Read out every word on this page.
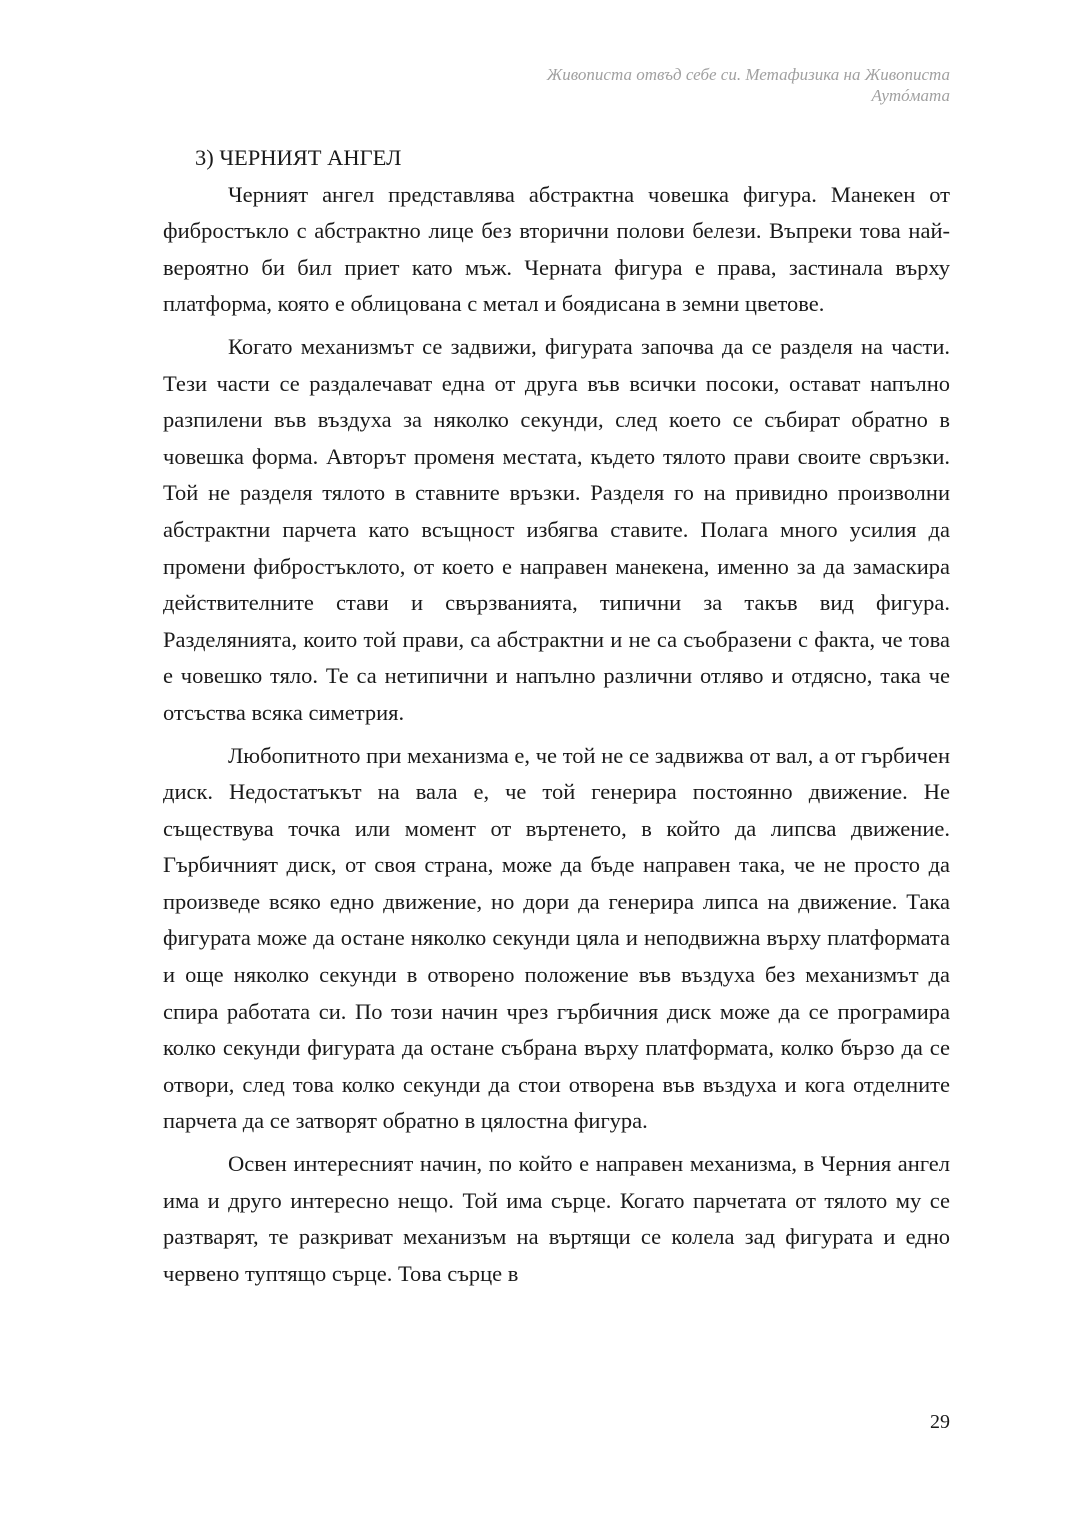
Живописта отвъд себе си. Метафизика на Живописта
Аутóмата
3) ЧЕРНИЯТ АНГЕЛ

Черният ангел представлява абстрактна човешка фигура. Манекен от фибростъкло с абстрактно лице без вторични полови белези. Въпреки това най-вероятно би бил приет като мъж. Черната фигура е права, застинала върху платформа, която е облицована с метал и боядисана в земни цветове.

Когато механизмът се задвижи, фигурата започва да се разделя на части. Тези части се раздалечават една от друга във всички посоки, остават напълно разпилени във въздуха за няколко секунди, след което се събират обратно в човешка форма. Авторът променя местата, където тялото прави своите свръзки. Той не разделя тялото в ставните връзки. Разделя го на привидно произволни абстрактни парчета като всъщност избягва ставите. Полага много усилия да промени фибростъклото, от което е направен манекена, именно за да замаскира действителните стави и свързванията, типични за такъв вид фигура. Разделянията, които той прави, са абстрактни и не са съобразени с факта, че това е човешко тяло. Те са нетипични и напълно различни отляво и отдясно, така че отсъства всяка симетрия.

Любопитното при механизма е, че той не се задвижва от вал, а от гърбичен диск. Недостатъкът на вала е, че той генерира постоянно движение. Не съществува точка или момент от въртенето, в който да липсва движение. Гърбичният диск, от своя страна, може да бъде направен така, че не просто да произведе всяко едно движение, но дори да генерира липса на движение. Така фигурата може да остане няколко секунди цяла и неподвижна върху платформата и още няколко секунди в отворено положение във въздуха без механизмът да спира работата си. По този начин чрез гърбичния диск може да се програмира колко секунди фигурата да остане събрана върху платформата, колко бързо да се отвори, след това колко секунди да стои отворена във въздуха и кога отделните парчета да се затворят обратно в цялостна фигура.

Освен интересният начин, по който е направен механизма, в Черния ангел има и друго интересно нещо. Той има сърце. Когато парчетата от тялото му се разтварят, те разкриват механизъм на въртящи се колела зад фигурата и едно червено туптящо сърце. Това сърце в

29
